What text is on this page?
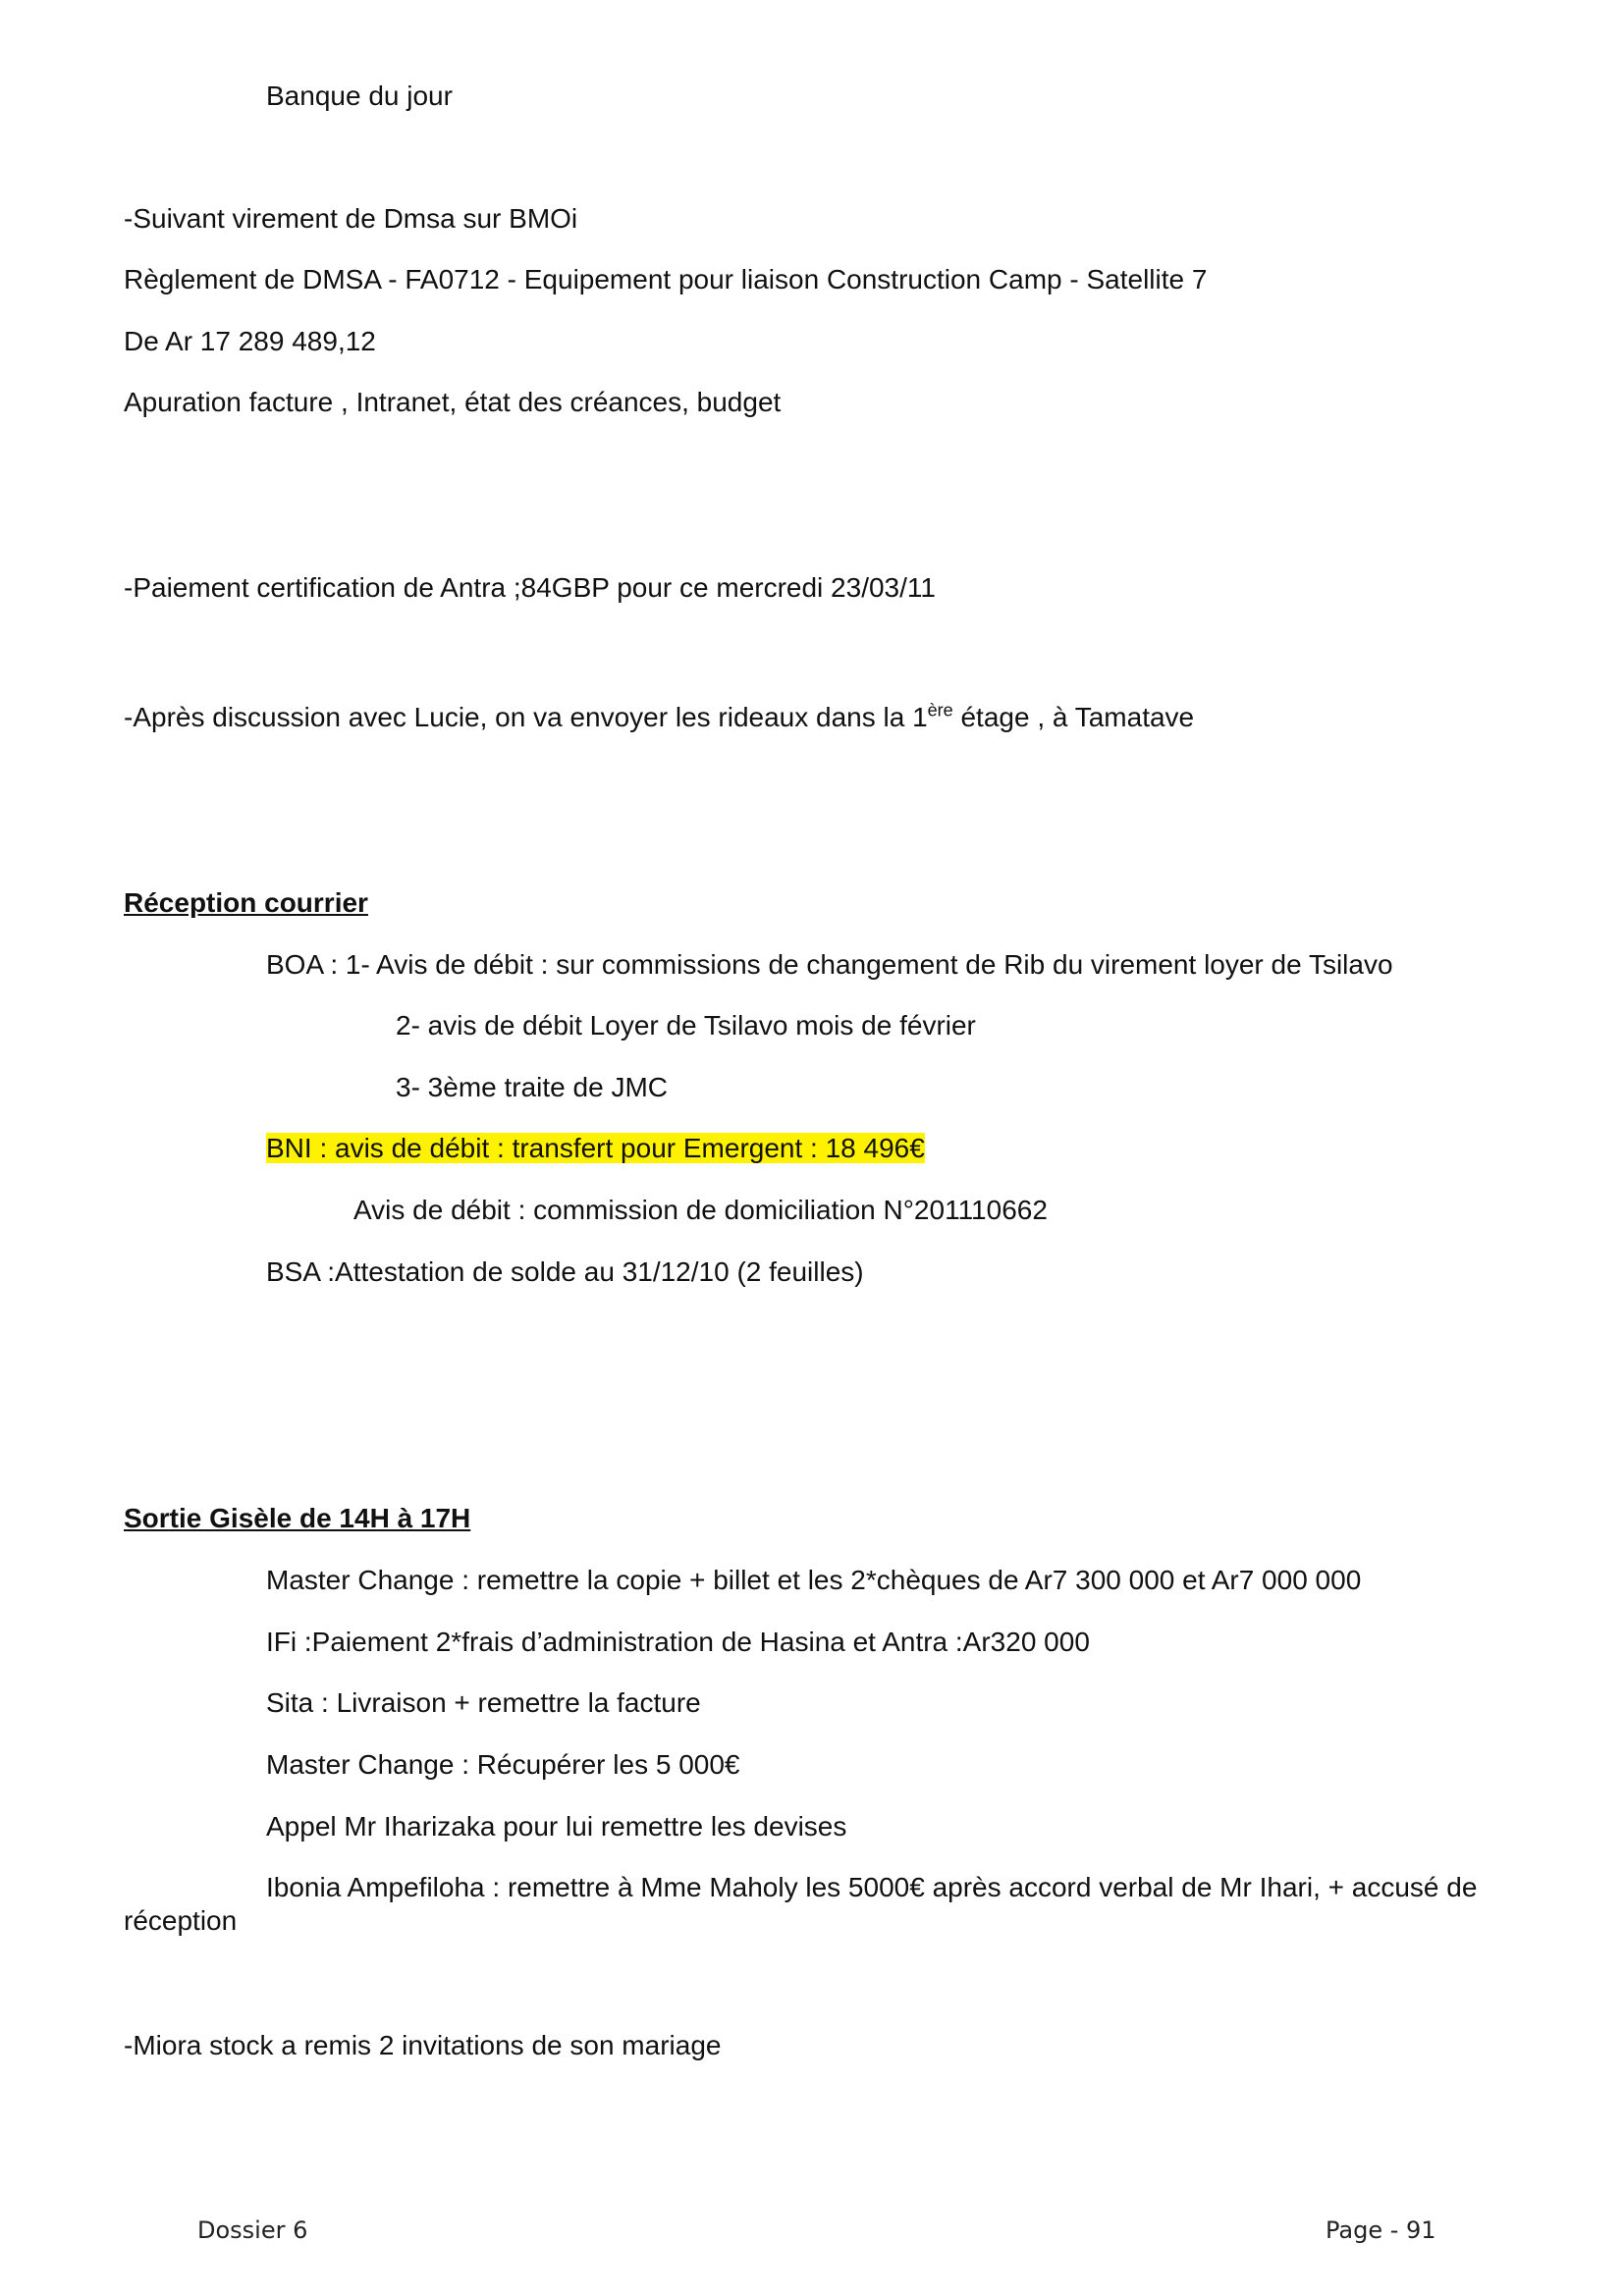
Banque du jour
-Suivant virement de Dmsa sur BMOi
Règlement de DMSA - FA0712 - Equipement pour liaison Construction Camp - Satellite 7
De Ar 17 289 489,12
Apuration facture , Intranet, état des créances, budget
-Paiement certification de Antra ;84GBP pour ce mercredi 23/03/11
-Après discussion avec Lucie, on va envoyer les rideaux dans la 1ère étage , à Tamatave
Réception courrier
BOA : 1- Avis de débit : sur commissions de changement de Rib du virement loyer de Tsilavo
2- avis de débit Loyer de Tsilavo mois de février
3- 3ème traite de JMC
BNI : avis de débit : transfert pour Emergent : 18 496€
Avis de débit : commission de domiciliation N°201110662
BSA :Attestation de solde au 31/12/10 (2 feuilles)
Sortie Gisèle de 14H à 17H
Master Change : remettre la copie + billet et les 2*chèques de Ar7 300 000 et Ar7 000 000
IFi :Paiement 2*frais d’administration de Hasina et Antra :Ar320 000
Sita : Livraison + remettre la facture
Master Change : Récupérer les 5 000€
Appel Mr Iharizaka pour lui remettre les devises
Ibonia Ampefiloha : remettre à Mme Maholy les 5000€ après accord verbal de Mr Ihari, + accusé de réception
-Miora stock a remis 2 invitations de son mariage
Dossier 6	Page - 91
